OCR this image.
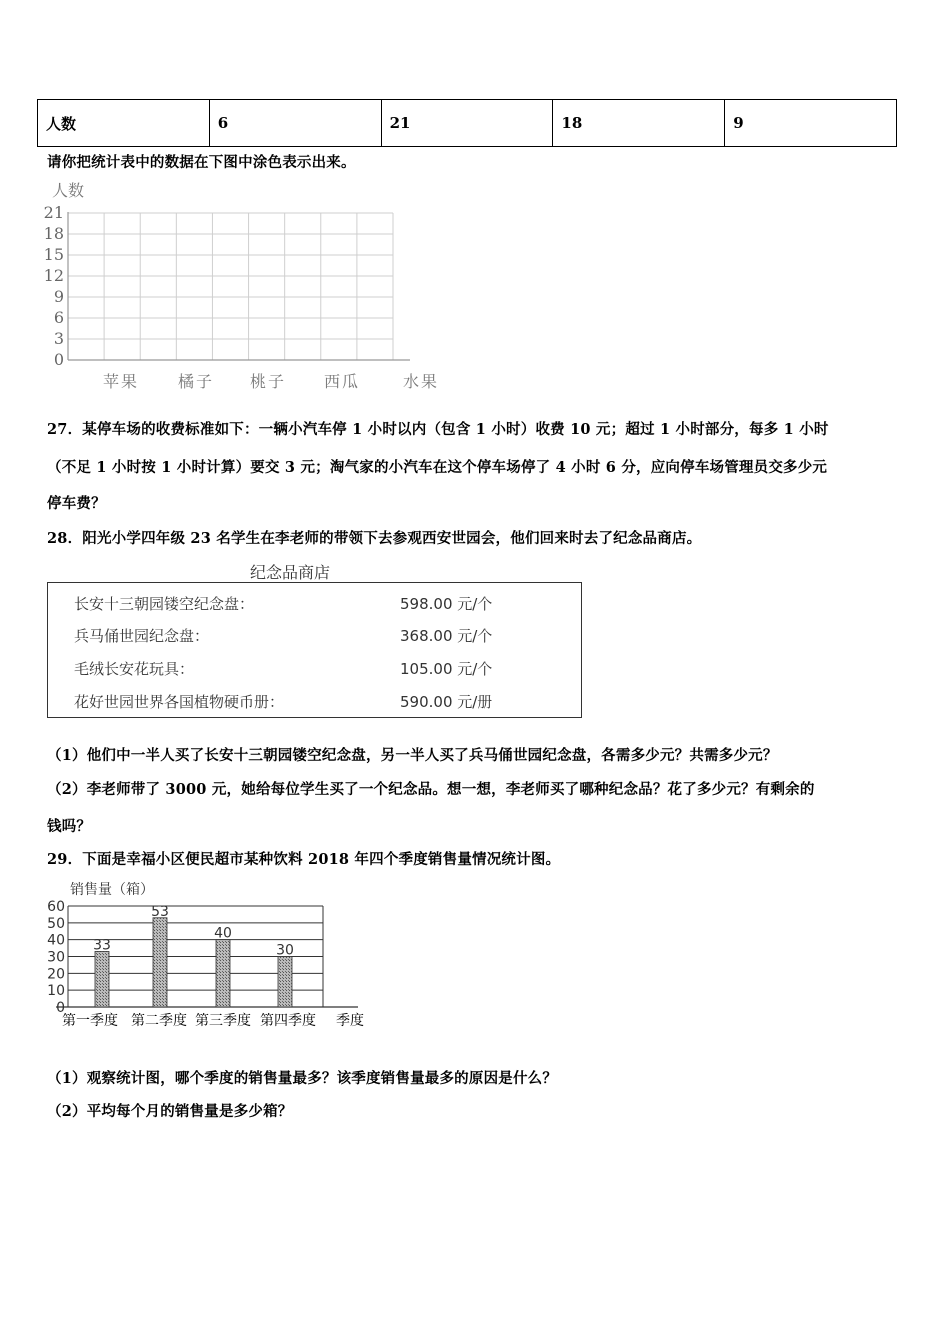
人数	6	21	18	9
请你把统计表中的数据在下图中涂色表示出来。
人数
21
18
15
12
9
6
3
0
苹果 橘子 桃子 西瓜	水果
27．某停车场的收费标准如下：一辆小汽车停 1 小时以内（包含 1 小时）收费 10 元；超过 1 小时部分，每多 1 小时
（不足 1 小时按 1 小时计算）要交 3 元；淘气家的小汽车在这个停车场停了 4 小时 6 分，应向停车场管理员交多少元
停车费？
28．阳光小学四年级 23 名学生在李老师的带领下去参观西安世园会，他们回来时去了纪念品商店。
纪念品商店
长安十三朝园镂空纪念盘：	598.00 元/个
兵马俑世园纪念盘：	368.00 元/个
毛绒长安花玩具：	105.00 元/个
花好世园世界各国植物硬币册：	590.00 元/册
（1）他们中一半人买了长安十三朝园镂空纪念盘，另一半人买了兵马俑世园纪念盘，各需多少元？共需多少元？
（2）李老师带了 3000 元，她给每位学生买了一个纪念品。想一想，李老师买了哪种纪念品？花了多少元？有剩余的
钱吗？
29．下面是幸福小区便民超市某种饮料 2018 年四个季度销售量情况统计图。
销售量（箱）
0
10
20
30
40
50
60
33
53
40
30
第一季度 第二季度 第三季度 第四季度 季度
（1）观察统计图，哪个季度的销售量最多？该季度销售量最多的原因是什么？
（2）平均每个月的销售量是多少箱？
